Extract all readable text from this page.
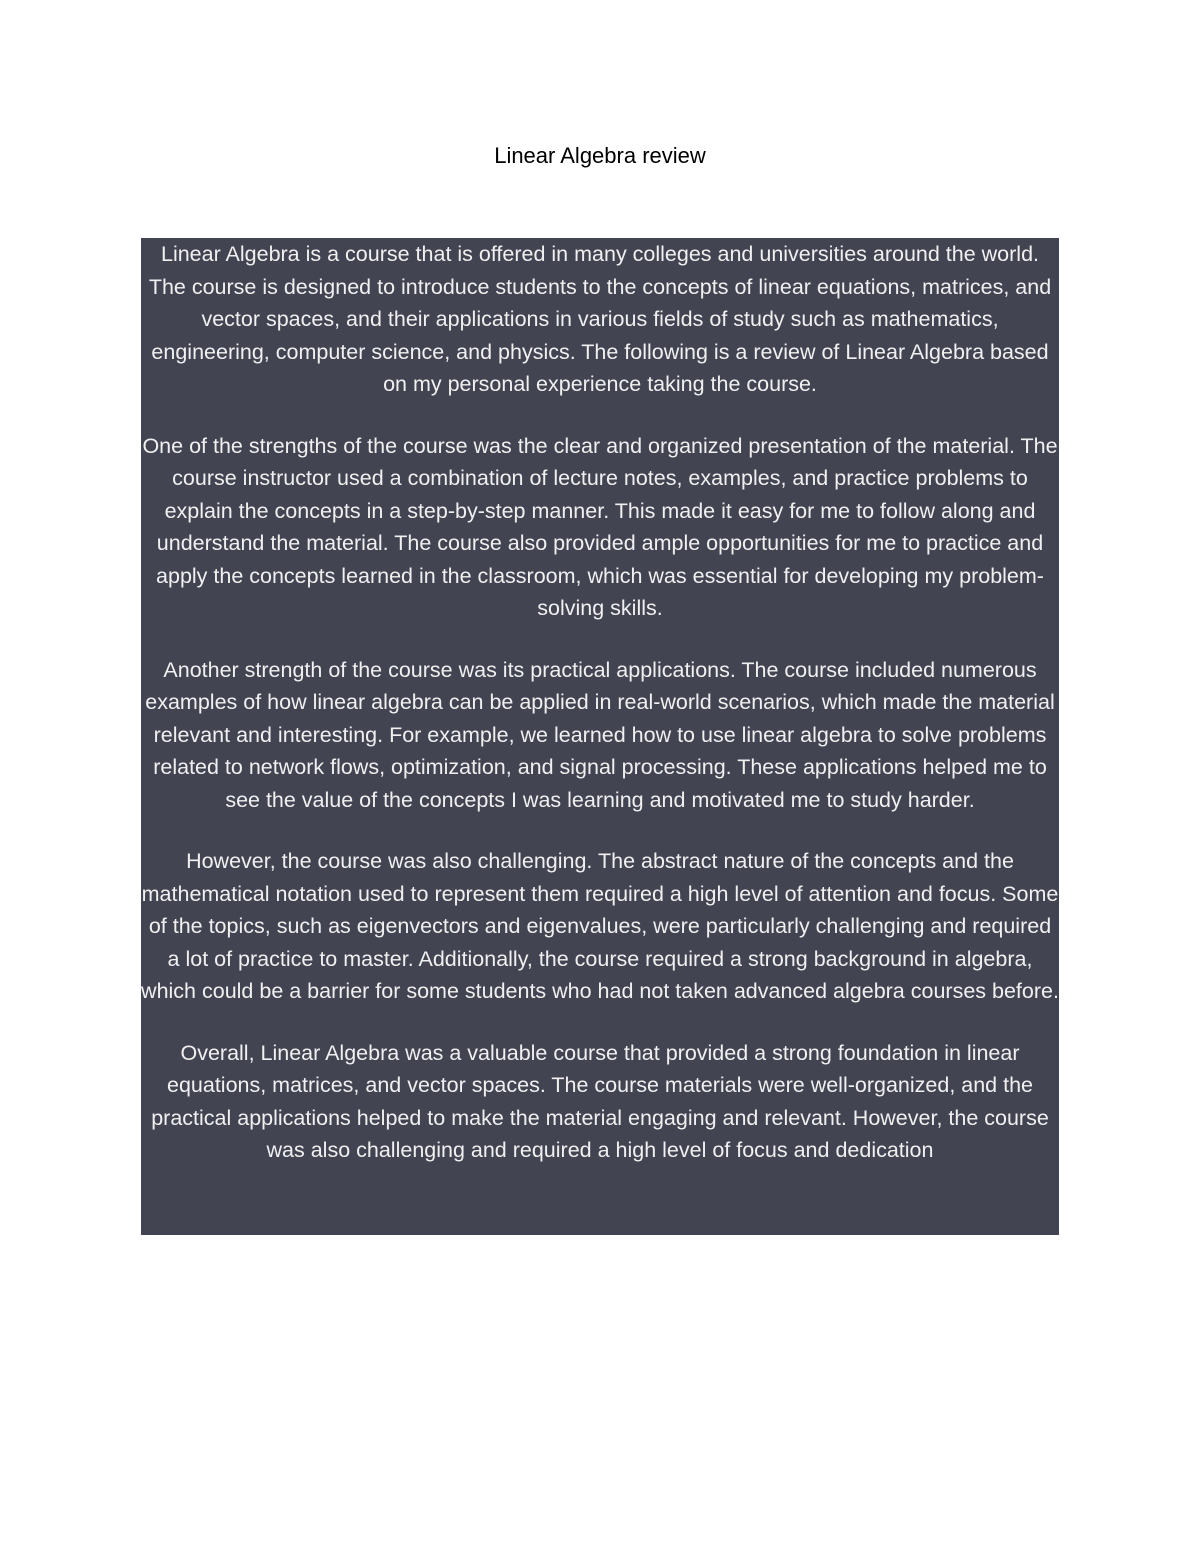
Linear Algebra review

Linear Algebra is a course that is offered in many colleges and universities around the world. The course is designed to introduce students to the concepts of linear equations, matrices, and vector spaces, and their applications in various fields of study such as mathematics, engineering, computer science, and physics. The following is a review of Linear Algebra based on my personal experience taking the course.

One of the strengths of the course was the clear and organized presentation of the material. The course instructor used a combination of lecture notes, examples, and practice problems to explain the concepts in a step-by-step manner. This made it easy for me to follow along and understand the material. The course also provided ample opportunities for me to practice and apply the concepts learned in the classroom, which was essential for developing my problem-solving skills.

Another strength of the course was its practical applications. The course included numerous examples of how linear algebra can be applied in real-world scenarios, which made the material relevant and interesting. For example, we learned how to use linear algebra to solve problems related to network flows, optimization, and signal processing. These applications helped me to see the value of the concepts I was learning and motivated me to study harder.

However, the course was also challenging. The abstract nature of the concepts and the mathematical notation used to represent them required a high level of attention and focus. Some of the topics, such as eigenvectors and eigenvalues, were particularly challenging and required a lot of practice to master. Additionally, the course required a strong background in algebra, which could be a barrier for some students who had not taken advanced algebra courses before.

Overall, Linear Algebra was a valuable course that provided a strong foundation in linear equations, matrices, and vector spaces. The course materials were well-organized, and the practical applications helped to make the material engaging and relevant. However, the course was also challenging and required a high level of focus and dedication
